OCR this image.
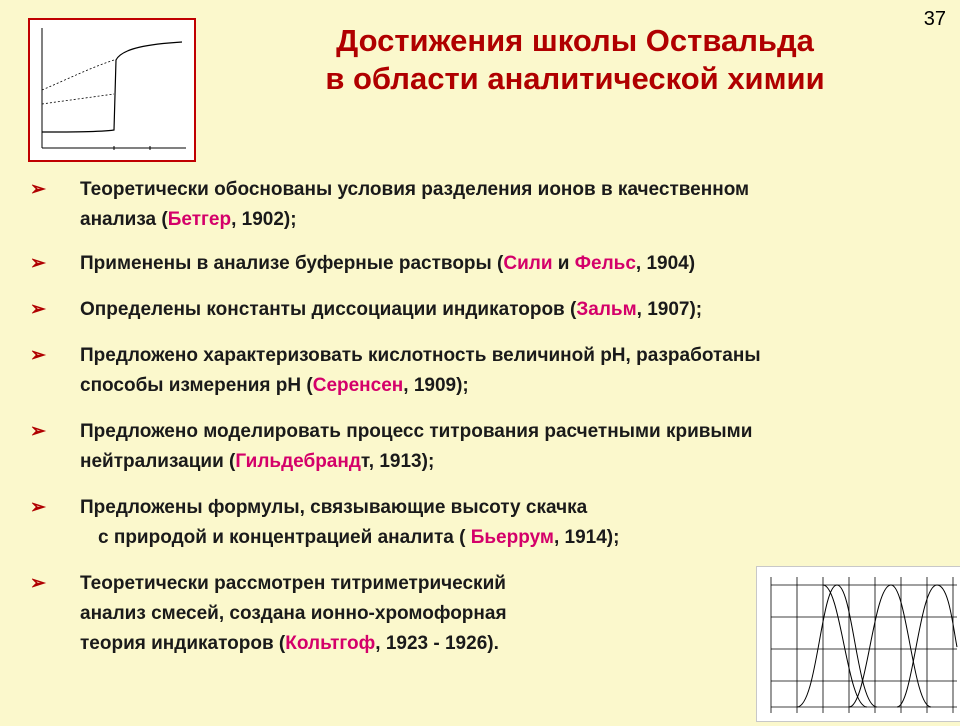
37
Достижения школы Оствальда
в области аналитической химии
➢ Теоретически обоснованы условия разделения ионов в качественном
анализа (Бетгер, 1902);
➢ Применены в анализе буферные растворы (Сили и Фельс, 1904)
➢ Определены константы диссоциации индикаторов (Зальм, 1907);
➢ Предложено характеризовать кислотность величиной pH, разработаны
способы измерения pH (Серенсен, 1909);
➢ Предложено моделировать процесс титрования расчетными кривыми
нейтрализации (Гильдебрандт, 1913);
➢ Предложены формулы, связывающие высоту скачка
с природой и концентрацией аналита ( Бьеррум, 1914);
➢ Теоретически рассмотрен титриметрический
анализ смесей, создана ионно-хромофорная
теория индикаторов (Кольтгоф, 1923 - 1926).
